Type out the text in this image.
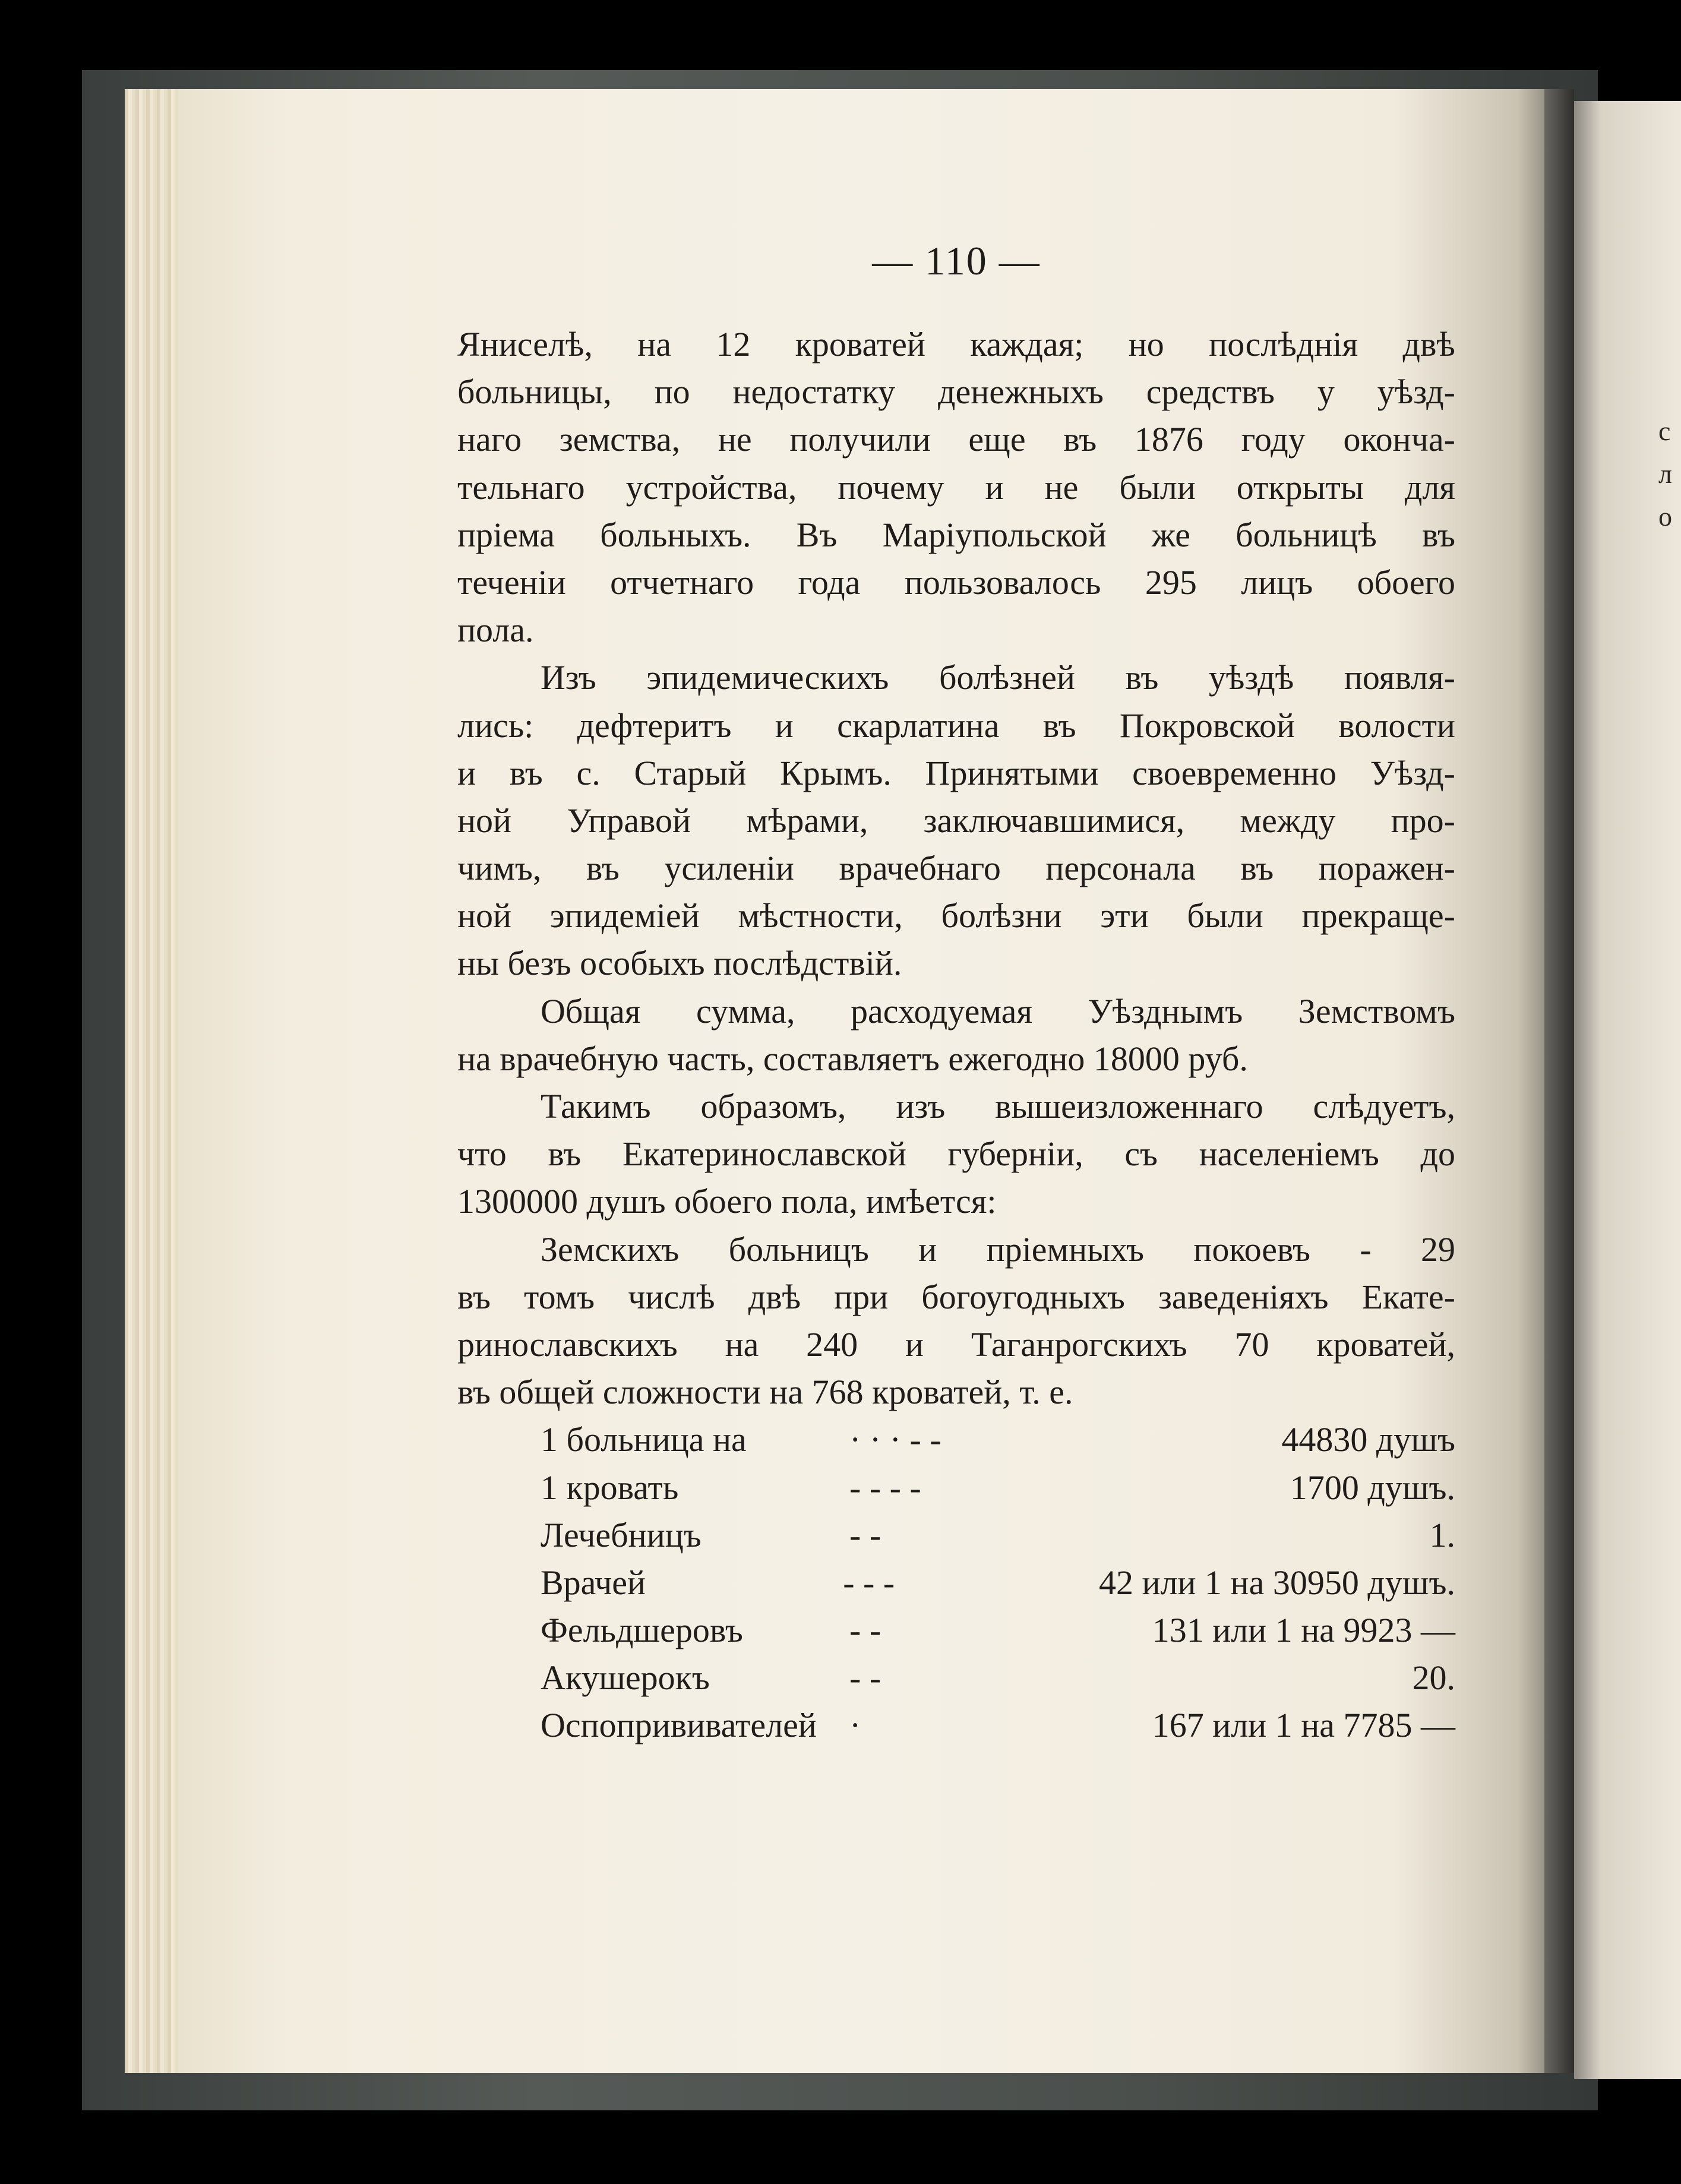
с
л
о
— 110 —
Яниселѣ, на 12 кроватей каждая; но послѣднія двѣ
больницы, по недостатку денежныхъ средствъ у уѣзд-
наго земства, не получили еще въ 1876 году оконча-
тельнаго устройства, почему и не были открыты для
пріема больныхъ. Въ Маріупольской же больницѣ въ
теченіи отчетнаго года пользовалось 295 лицъ обоего
пола.
Изъ эпидемическихъ болѣзней въ уѣздѣ появля-
лись: дефтеритъ и скарлатина въ Покровской волости
и въ с. Старый Крымъ. Принятыми своевременно Уѣзд-
ной Управой мѣрами, заключавшимися, между про-
чимъ, въ усиленіи врачебнаго персонала въ поражен-
ной эпидеміей мѣстности, болѣзни эти были прекраще-
ны безъ особыхъ послѣдствій.
Общая сумма, расходуемая Уѣзднымъ Земствомъ
на врачебную часть, составляетъ ежегодно 18000 руб.
Такимъ образомъ, изъ вышеизложеннаго слѣдуетъ,
что въ Екатеринославской губерніи, съ населеніемъ до
1300000 душъ обоего пола, имѣется:
Земскихъ больницъ и пріемныхъ покоевъ - 29
въ томъ числѣ двѣ при богоугодныхъ заведеніяхъ Екате-
ринославскихъ на 240 и Таганрогскихъ 70 кроватей,
въ общей сложности на 768 кроватей, т. е.
1 больница на	· · · - -	44830 душъ
1 кровать	- - - -	1700 душъ.
Лечебницъ	- -	1.
Врачей	- - -	42 или 1 на 30950 душъ.
Фельдшеровъ	- -	131 или 1 на 9923 —
Акушерокъ	- -	20.
Оспопрививателей ·	167 или 1 на 7785 —
